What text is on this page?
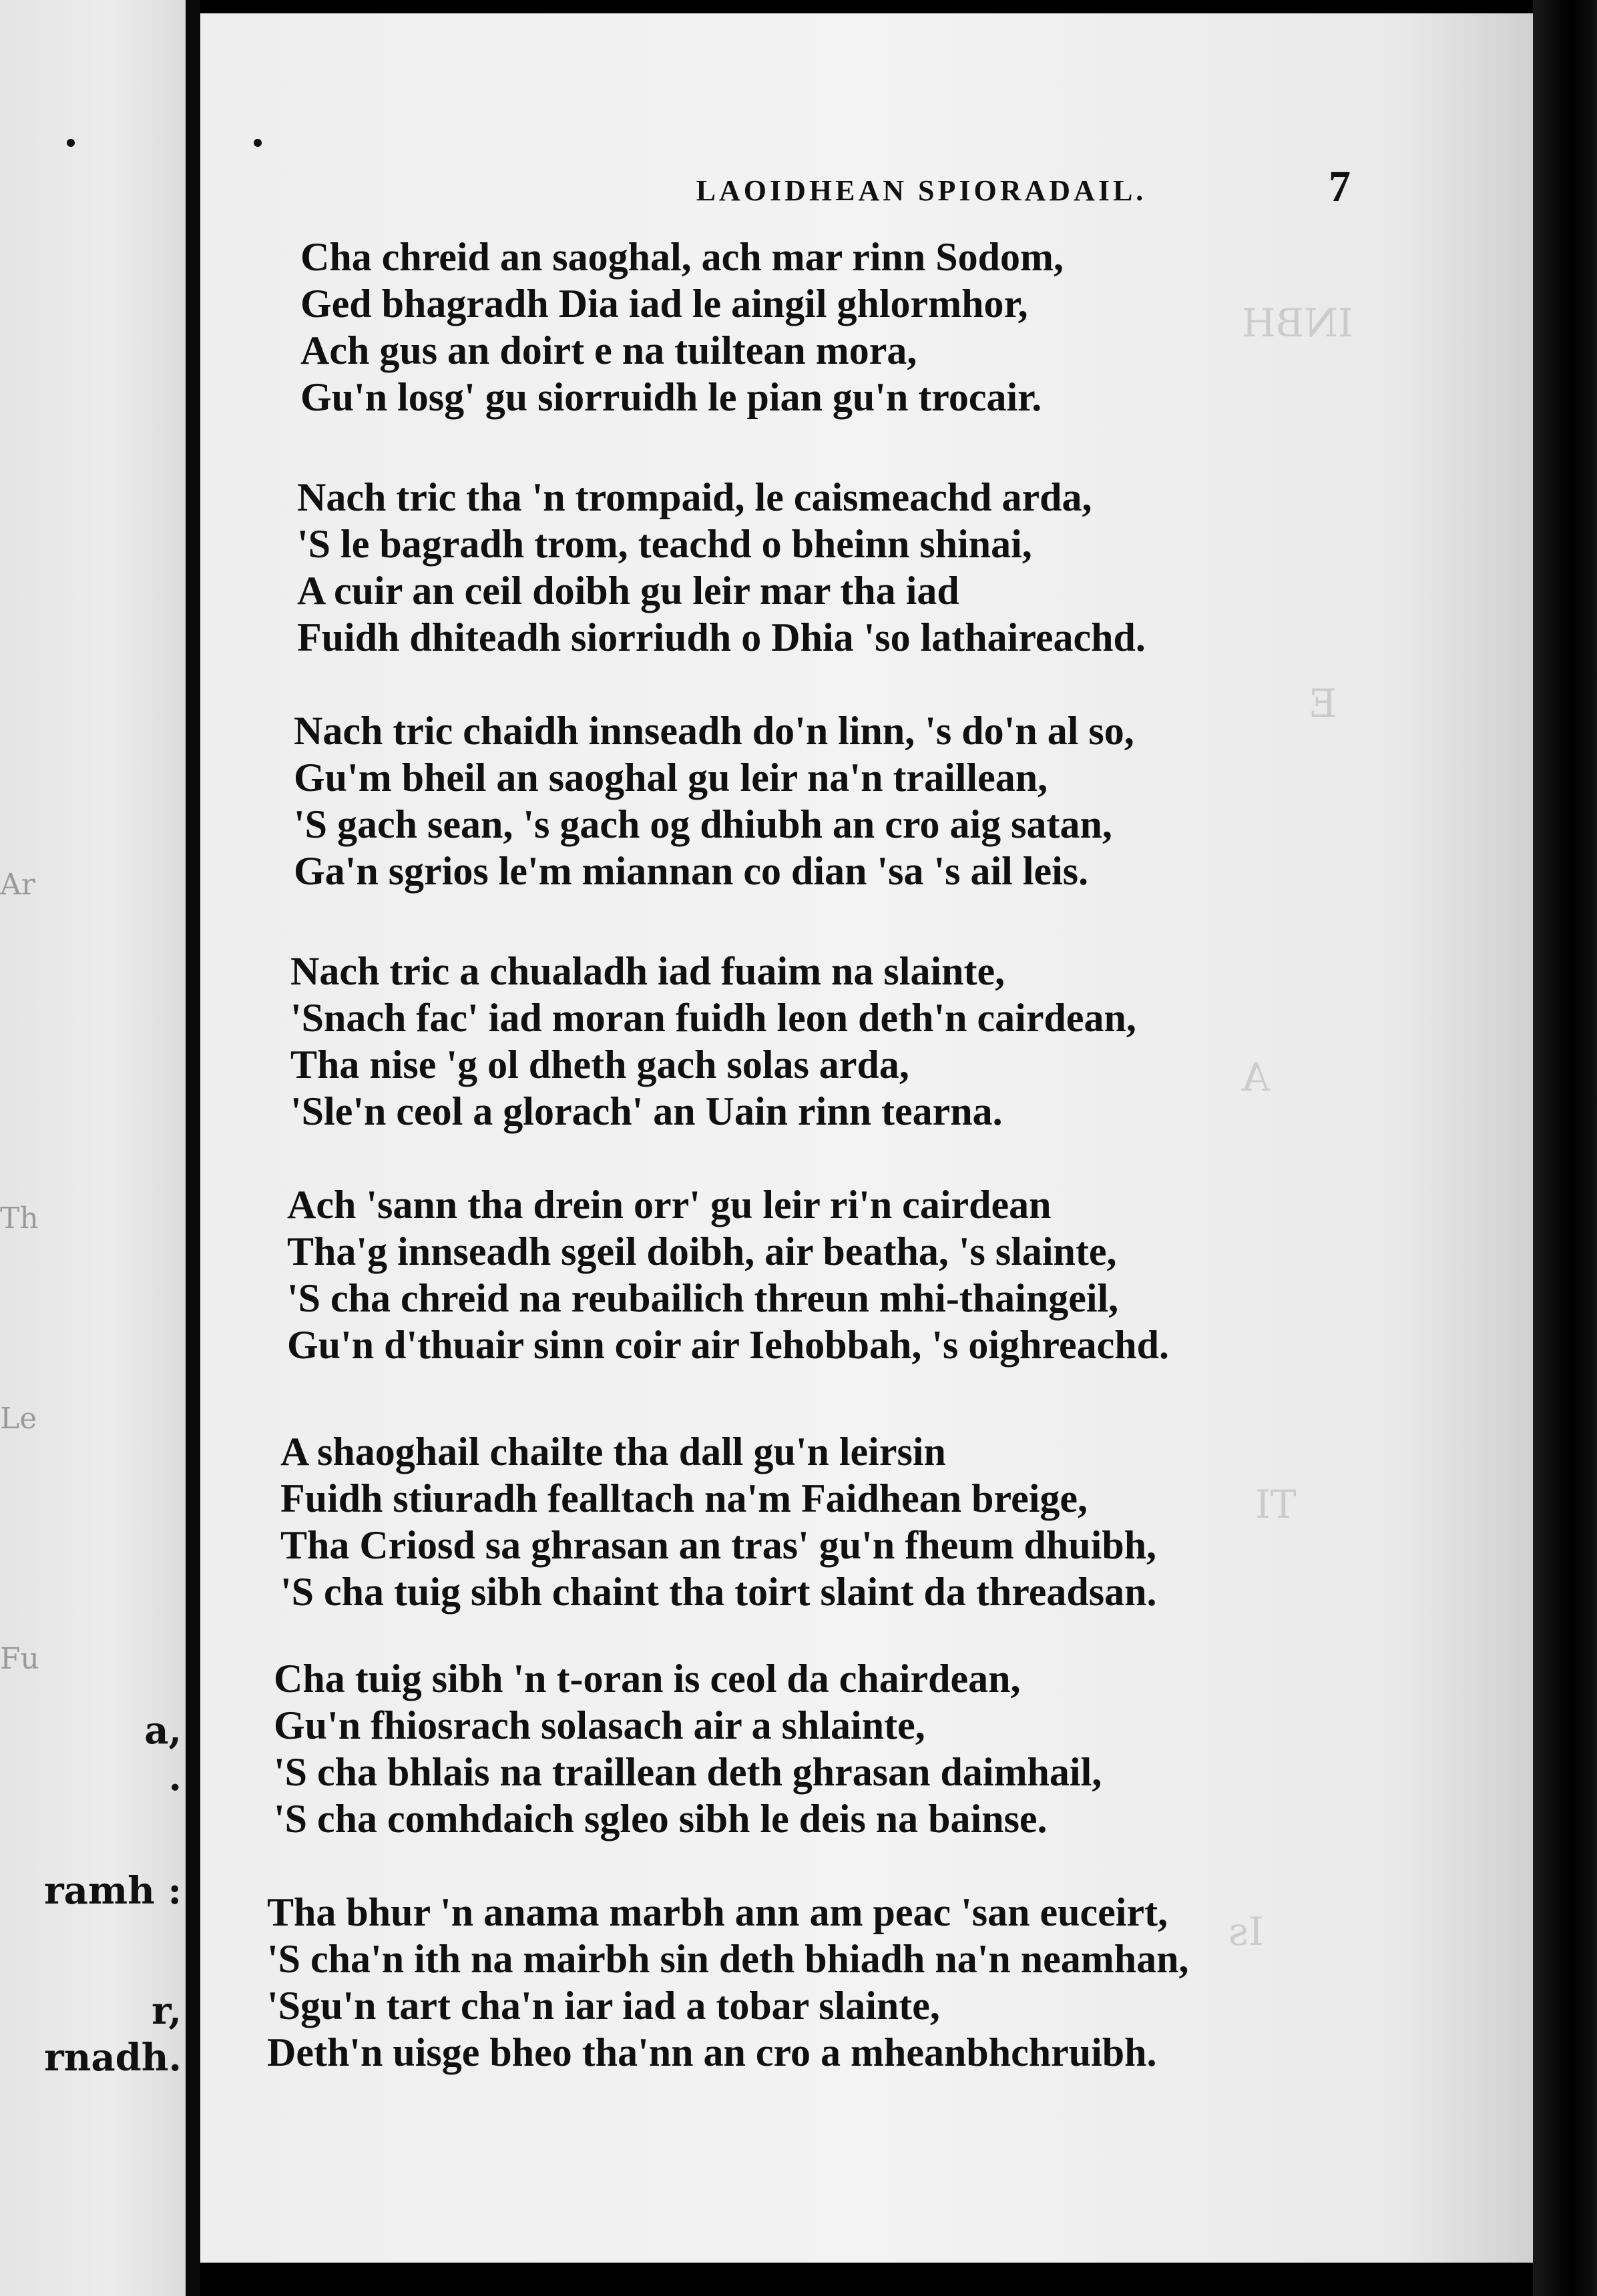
Ar
Th
Le
Fu
a,
.
ramh :
r,
rnadh.
INBH
E
A
TI
Is
LAOIDHEAN SPIORADAIL.	7
Cha chreid an saoghal, ach mar rinn Sodom,
Ged bhagradh Dia iad le aingil ghlormhor,
Ach gus an doirt e na tuiltean mora,
Gu'n losg' gu siorruidh le pian gu'n trocair.
Nach tric tha 'n trompaid, le caismeachd arda,
'S le bagradh trom, teachd o bheinn shinai,
A cuir an ceil doibh gu leir mar tha iad
Fuidh dhiteadh siorriudh o Dhia 'so lathaireachd.
Nach tric chaidh innseadh do'n linn, 's do'n al so,
Gu'm bheil an saoghal gu leir na'n traillean,
'S gach sean, 's gach og dhiubh an cro aig satan,
Ga'n sgrios le'm miannan co dian 'sa 's ail leis.
Nach tric a chualadh iad fuaim na slainte,
'Snach fac' iad moran fuidh leon deth'n cairdean,
Tha nise 'g ol dheth gach solas arda,
'Sle'n ceol a glorach' an Uain rinn tearna.
Ach 'sann tha drein orr' gu leir ri'n cairdean
Tha'g innseadh sgeil doibh, air beatha, 's slainte,
'S cha chreid na reubailich threun mhi-thaingeil,
Gu'n d'thuair sinn coir air Iehobbah, 's oighreachd.
A shaoghail chailte tha dall gu'n leirsin
Fuidh stiuradh fealltach na'm Faidhean breige,
Tha Criosd sa ghrasan an tras' gu'n fheum dhuibh,
'S cha tuig sibh chaint tha toirt slaint da threadsan.
Cha tuig sibh 'n t-oran is ceol da chairdean,
Gu'n fhiosrach solasach air a shlainte,
'S cha bhlais na traillean deth ghrasan daimhail,
'S cha comhdaich sgleo sibh le deis na bainse.
Tha bhur 'n anama marbh ann am peac 'san euceirt,
'S cha'n ith na mairbh sin deth bhiadh na'n neamhan,
'Sgu'n tart cha'n iar iad a tobar slainte,
Deth'n uisge bheo tha'nn an cro a mheanbhchruibh.
